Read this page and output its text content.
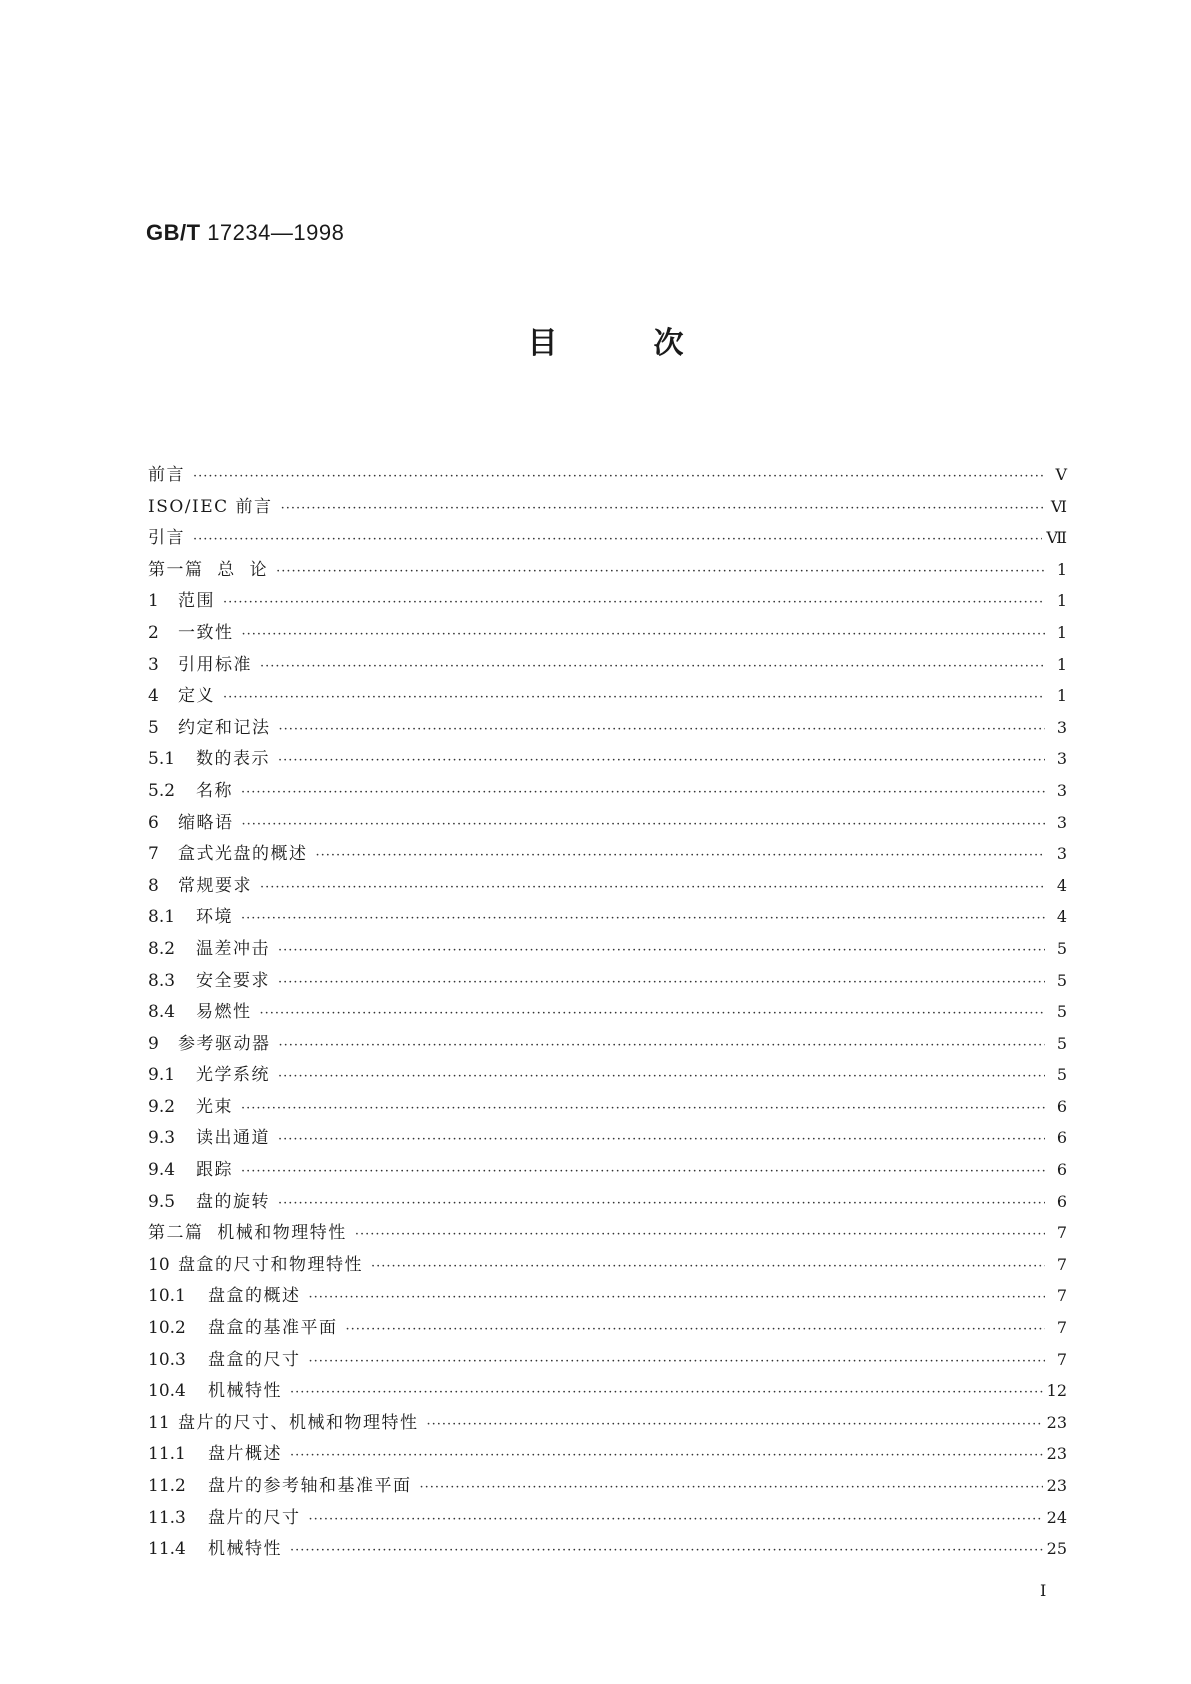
GB/T 17234—1998
目	次
前言 ·····	Ⅴ
ISO/IEC 前言 ·····	Ⅵ
引言 ·····	Ⅶ
第一篇  总  论 ·····	1
1	范围 ·····	1
2	一致性 ·····	1
3	引用标准 ·····	1
4	定义 ·····	1
5	约定和记法 ·····	3
5.1	数的表示 ·····	3
5.2	名称 ·····	3
6	缩略语 ·····	3
7	盒式光盘的概述 ·····	3
8	常规要求 ·····	4
8.1	环境 ·····	4
8.2	温差冲击 ·····	5
8.3	安全要求 ·····	5
8.4	易燃性 ·····	5
9	参考驱动器 ·····	5
9.1	光学系统 ·····	5
9.2	光束 ·····	6
9.3	读出通道 ·····	6
9.4	跟踪 ·····	6
9.5	盘的旋转 ·····	6
第二篇  机械和物理特性 ·····	7
10 盘盒的尺寸和物理特性 ·····	7
10.1	盘盒的概述 ·····	7
10.2	盘盒的基准平面 ·····	7
10.3	盘盒的尺寸 ·····	7
10.4	机械特性 ·····	12
11 盘片的尺寸、机械和物理特性 ·····	23
11.1	盘片概述 ·····	23
11.2	盘片的参考轴和基准平面 ·····	23
11.3	盘片的尺寸 ·····	24
11.4	机械特性 ·····	25
Ⅰ
